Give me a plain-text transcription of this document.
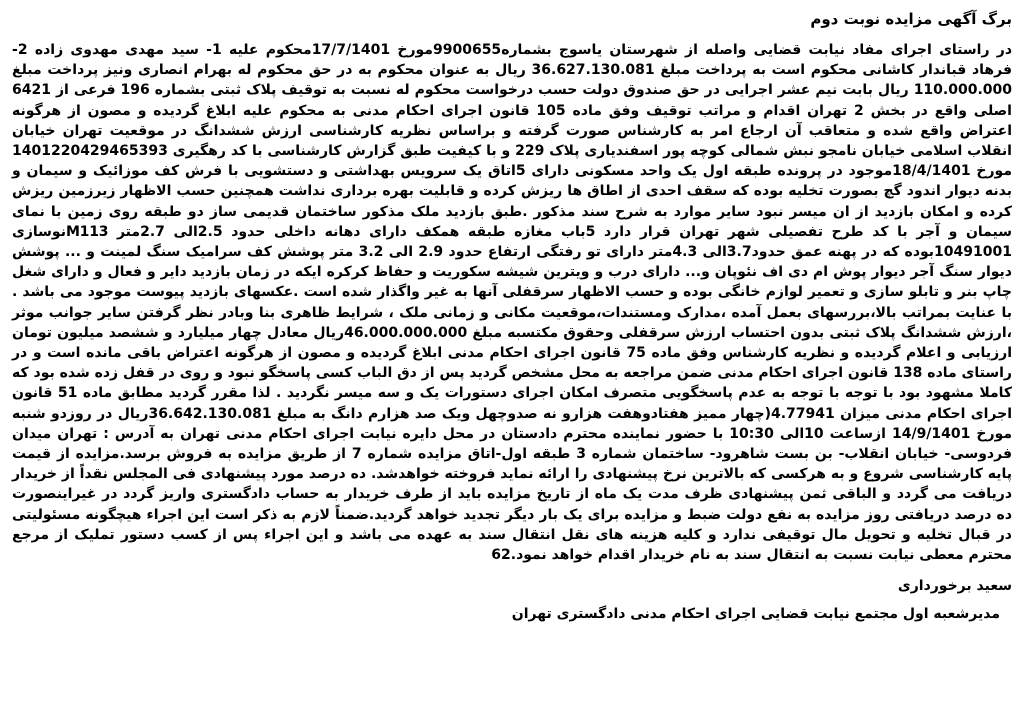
برگ آگهی مزایده نوبت دوم

در راستای اجرای مفاد نیابت قضایی واصله از شهرستان یاسوج بشماره9900655مورخ 17/7/1401محکوم علیه 1- سید مهدی مهدوی زاده 2- فرهاد قباندار کاشانی محکوم است به پرداخت مبلغ 36.627.130.081 ریال به عنوان محکوم به در حق محکوم له بهرام انصاری ونیز پرداخت مبلغ 110.000.000 ریال بابت نیم عشر اجرایی در حق صندوق دولت حسب درخواست محکوم له نسبت به توقیف پلاک ثبتی بشماره 196 فرعی از 6421 اصلی واقع در بخش 2 تهران اقدام و مراتب توقیف وفق ماده 105 قانون اجرای احکام مدنی به محکوم علیه ابلاغ گردیده و مصون از هرگونه اعتراض واقع شده و متعاقب آن ارجاع امر به کارشناس صورت گرفته و براساس نظریه کارشناسی ارزش ششدانگ در موقعیت تهران خیابان انقلاب اسلامی خیابان نامجو نبش شمالی کوچه پور اسفندیاری پلاک 229 و با کیفیت طبق گزارش کارشناسی با کد رهگیری 1401220429465393 مورخ 18/4/1401موجود در پرونده طبقه اول یک واحد مسکونی دارای 5اتاق یک سرویس بهداشتی و دستشویی با فرش کف موزائیک و سیمان و بدنه دیوار اندود گچ بصورت تخلیه بوده که سقف احدی از اطاق ها ریزش کرده و قابلیت بهره برداری نداشت همچنین حسب الاظهار زیرزمین ریزش کرده و امکان بازدید از ان میسر نبود سایر موارد به شرح سند مذکور .طبق بازدید ملک مذکور ساختمان قدیمی ساز دو طبقه روی زمین با نمای سیمان و آجر با کد طرح تفصیلی شهر تهران قرار دارد 5باب مغازه طبقه همکف دارای دهانه داخلی حدود 2.5الی 2.7متر M113نوسازی 10491001بوده که در پهنه عمق حدود3.7الی 4.3متر دارای تو رفتگی ارتفاع حدود 2.9 الی 3.2 متر پوشش کف سرامیک سنگ لمینت و ... پوشش دیوار سنگ آجر دیوار پوش ام دی اف نئوپان و... دارای درب و ویترین شیشه سکوریت و حفاظ کرکره ایکه در زمان بازدید دایر و فعال و دارای شغل چاپ بنر و تابلو سازی و تعمیر لوازم خانگی بوده و حسب الاظهار سرقفلی آنها به غیر واگذار شده است .عکسهای بازدید پیوست موجود می باشد . با عنایت بمراتب بالا،بررسهای بعمل آمده ،مدارک ومستندات،موقعیت مکانی و زمانی ملک ، شرایط ظاهری بنا وبادر نظر گرفتن سایر جوانب موثر ،ارزش ششدانگ پلاک ثبتی بدون احتساب ارزش سرقفلی وحقوق مکتسبه مبلغ 46.000.000.000ریال معادل چهار میلیارد و ششصد میلیون تومان ارزیابی و اعلام گردیده و نظریه کارشناس وفق ماده 75 قانون اجرای احکام مدنی ابلاغ گردیده و مصون از هرگونه اعتراض باقی مانده است و در راستای ماده 138 قانون اجرای احکام مدنی ضمن مراجعه به محل مشخص گردید پس از دق الباب کسی پاسخگو نبود و روی در قفل زده شده بود که کاملا مشهود بود با توجه با توجه به عدم پاسخگویی متصرف امکان اجرای دستورات یک و سه میسر نگردید . لذا مقرر گردید مطابق ماده 51 قانون اجرای احکام مدنی میزان 4.77941(چهار ممیز هفتادوهفت هزارو نه صدوچهل ویک صد هزارم دانگ به مبلغ 36.642.130.081ریال در روزدو شنبه مورخ 14/9/1401 ازساعت 10الی 10:30 با حضور نماینده محترم دادستان در محل دایره نیابت اجرای احکام مدنی تهران به آدرس : تهران میدان فردوسی- خیابان انقلاب- بن بست شاهرود- ساختمان شماره 3 طبقه اول-اتاق مزایده شماره 7 از طریق مزایده به فروش برسد.مزایده از قیمت پایه کارشناسی شروع و به هرکسی که بالاترین نرخ پیشنهادی را ارائه نماید فروخته خواهدشد. ده درصد مورد پیشنهادی فی المجلس نقداً از خریدار دریافت می گردد و الباقی ثمن پیشنهادی ظرف مدت یک ماه از تاریخ مزایده باید از طرف خریدار به حساب دادگستری واریز گردد در غیراینصورت ده درصد دریافتی روز مزایده به نفع دولت ضبط و مزایده برای یک بار دیگر تجدید خواهد گردید.ضمناً لازم به ذکر است این اجراء هیچگونه مسئولیتی در قبال تخلیه و تحویل مال توقیفی ندارد و کلیه هزینه های نقل انتقال سند به عهده می باشد و این اجراء پس از کسب دستور تملیک از مرجع محترم معطی نیابت نسبت به انتقال سند به نام خریدار اقدام خواهد نمود.62

سعید برخورداری
مدیرشعبه اول مجتمع نیابت قضایی اجرای احکام مدنی دادگستری تهران
